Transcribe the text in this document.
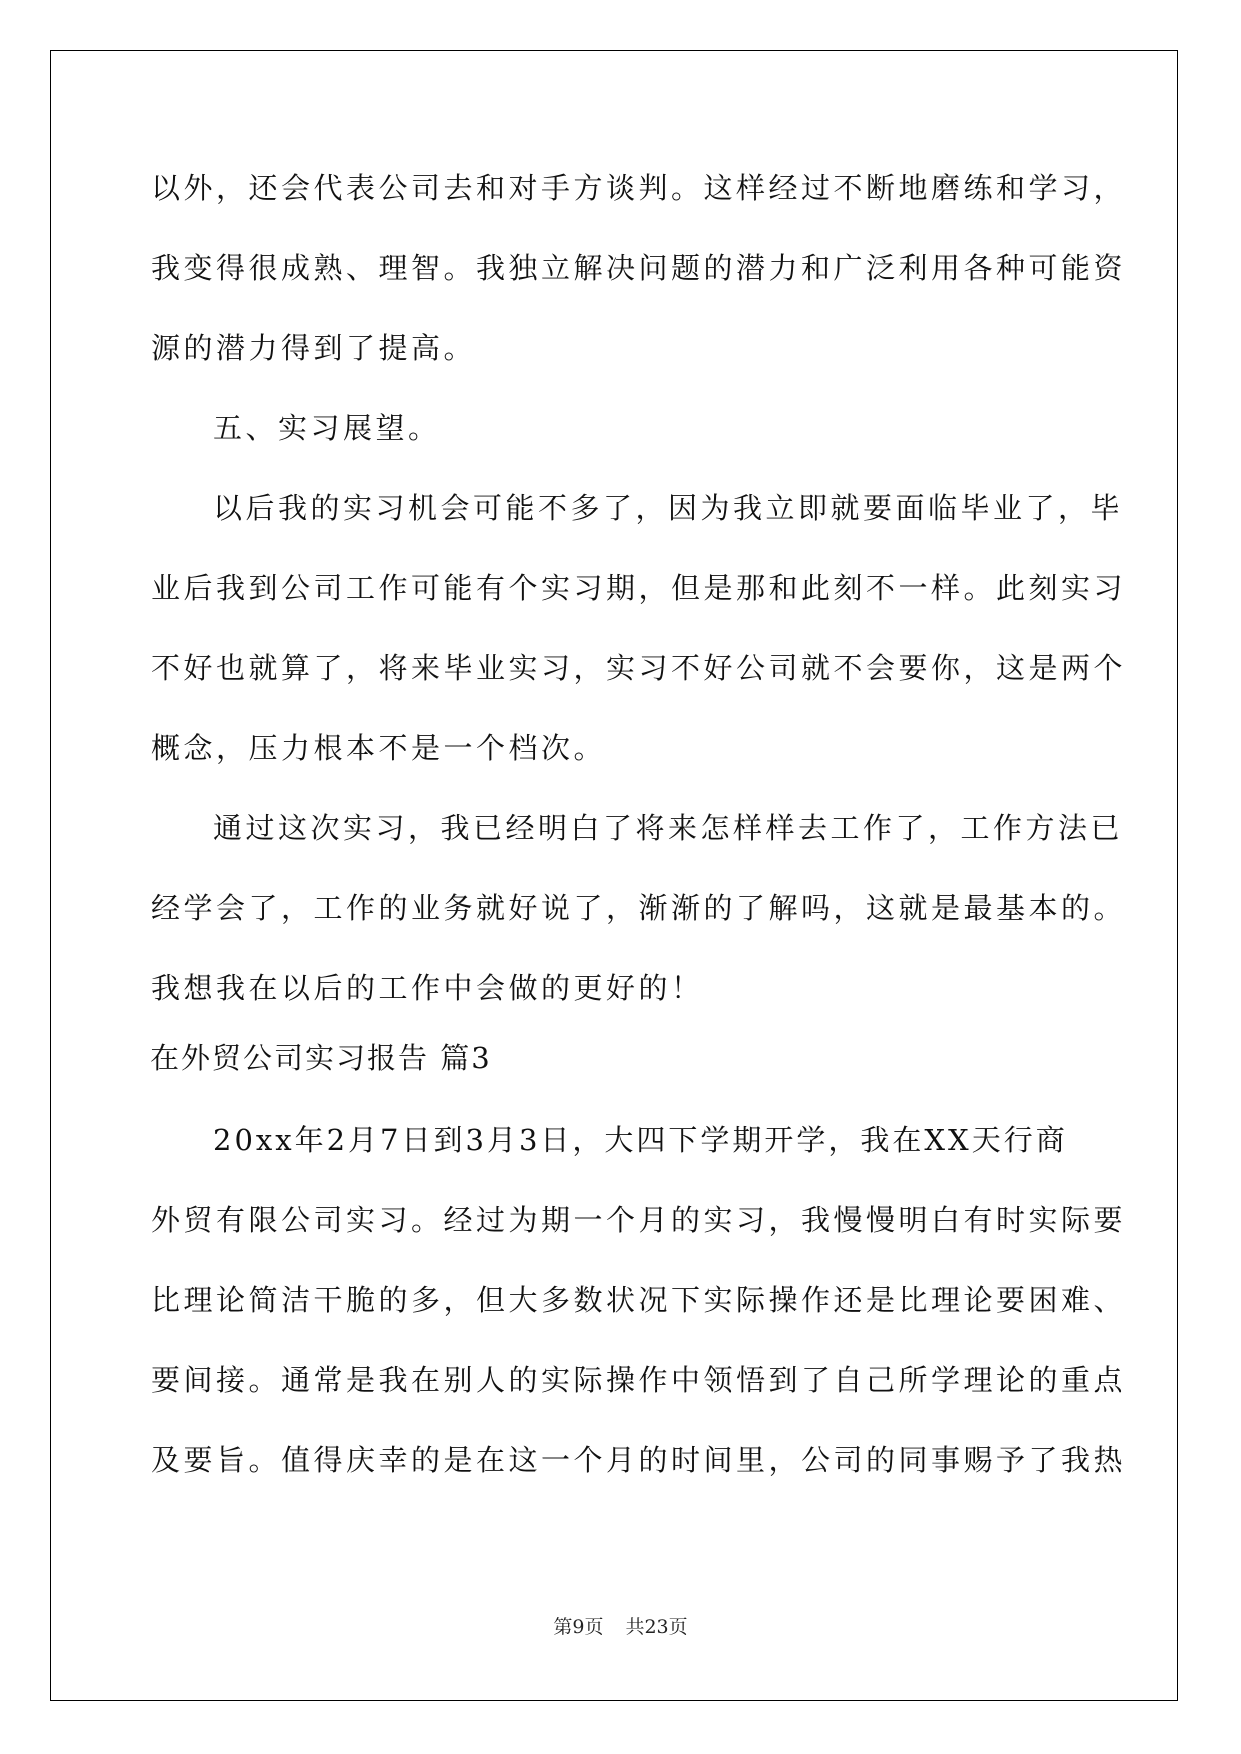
以外，还会代表公司去和对手方谈判。这样经过不断地磨练和学习，
我变得很成熟、理智。我独立解决问题的潜力和广泛利用各种可能资
源的潜力得到了提高。
五、实习展望。
以后我的实习机会可能不多了，因为我立即就要面临毕业了，毕
业后我到公司工作可能有个实习期，但是那和此刻不一样。此刻实习
不好也就算了，将来毕业实习，实习不好公司就不会要你，这是两个
概念，压力根本不是一个档次。
通过这次实习，我已经明白了将来怎样样去工作了，工作方法已
经学会了，工作的业务就好说了，渐渐的了解吗，这就是最基本的。
我想我在以后的工作中会做的更好的！
在外贸公司实习报告 篇3
20xx年2月7日到3月3日，大四下学期开学，我在XX天行商
外贸有限公司实习。经过为期一个月的实习，我慢慢明白有时实际要
比理论简洁干脆的多，但大多数状况下实际操作还是比理论要困难、
要间接。通常是我在别人的实际操作中领悟到了自己所学理论的重点
及要旨。值得庆幸的是在这一个月的时间里，公司的同事赐予了我热
第9页 共23页
